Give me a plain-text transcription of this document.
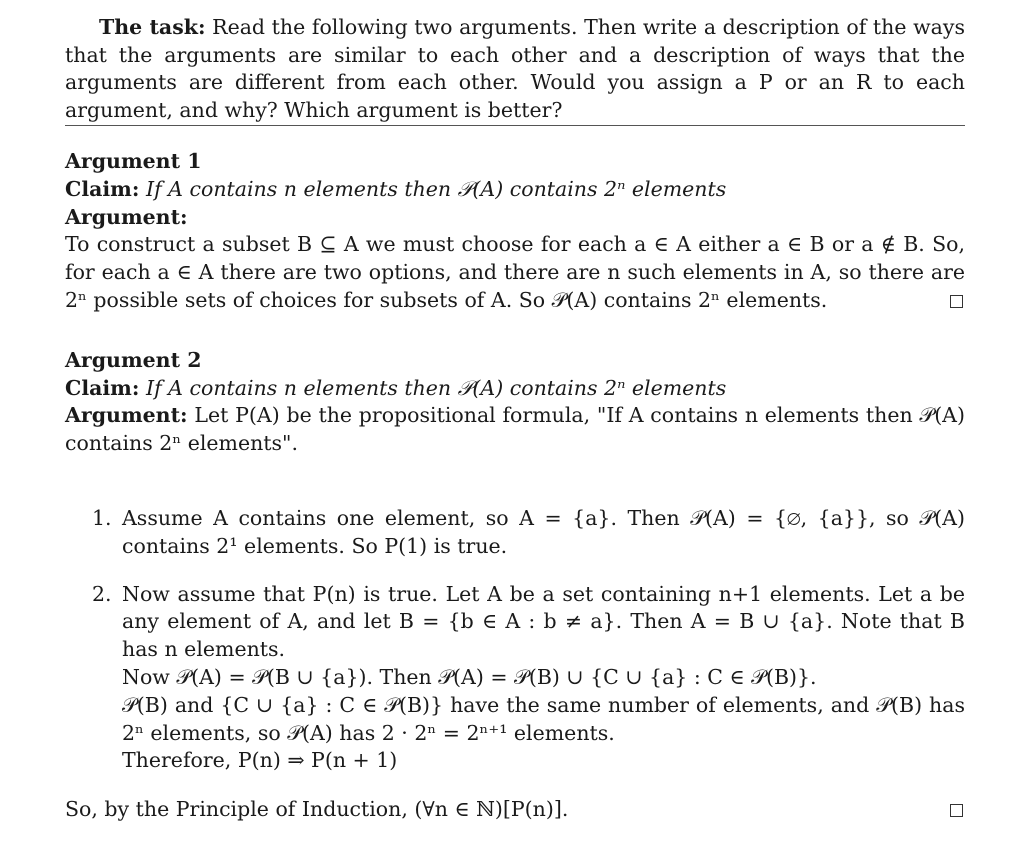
The task: Read the following two arguments. Then write a description of the ways that the arguments are similar to each other and a description of ways that the arguments are different from each other. Would you assign a P or an R to each argument, and why? Which argument is better?
Argument 1
Claim: If A contains n elements then 𝒫(A) contains 2ⁿ elements
Argument:
To construct a subset B ⊆ A we must choose for each a ∈ A either a ∈ B or a ∉ B. So, for each a ∈ A there are two options, and there are n such elements in A, so there are 2ⁿ possible sets of choices for subsets of A. So 𝒫(A) contains 2ⁿ elements.
Argument 2
Claim: If A contains n elements then 𝒫(A) contains 2ⁿ elements
Argument: Let P(A) be the propositional formula, "If A contains n elements then 𝒫(A) contains 2ⁿ elements".
1. Assume A contains one element, so A = {a}. Then 𝒫(A) = {∅, {a}}, so 𝒫(A) contains 2¹ elements. So P(1) is true.
2. Now assume that P(n) is true. Let A be a set containing n+1 elements. Let a be any element of A, and let B = {b ∈ A : b ≠ a}. Then A = B ∪ {a}. Note that B has n elements.
Now 𝒫(A) = 𝒫(B ∪ {a}). Then 𝒫(A) = 𝒫(B) ∪ {C ∪ {a} : C ∈ 𝒫(B)}.
𝒫(B) and {C ∪ {a} : C ∈ 𝒫(B)} have the same number of elements, and 𝒫(B) has 2ⁿ elements, so 𝒫(A) has 2 · 2ⁿ = 2ⁿ⁺¹ elements.
Therefore, P(n) ⇒ P(n + 1)
So, by the Principle of Induction, (∀n ∈ ℕ)[P(n)].
